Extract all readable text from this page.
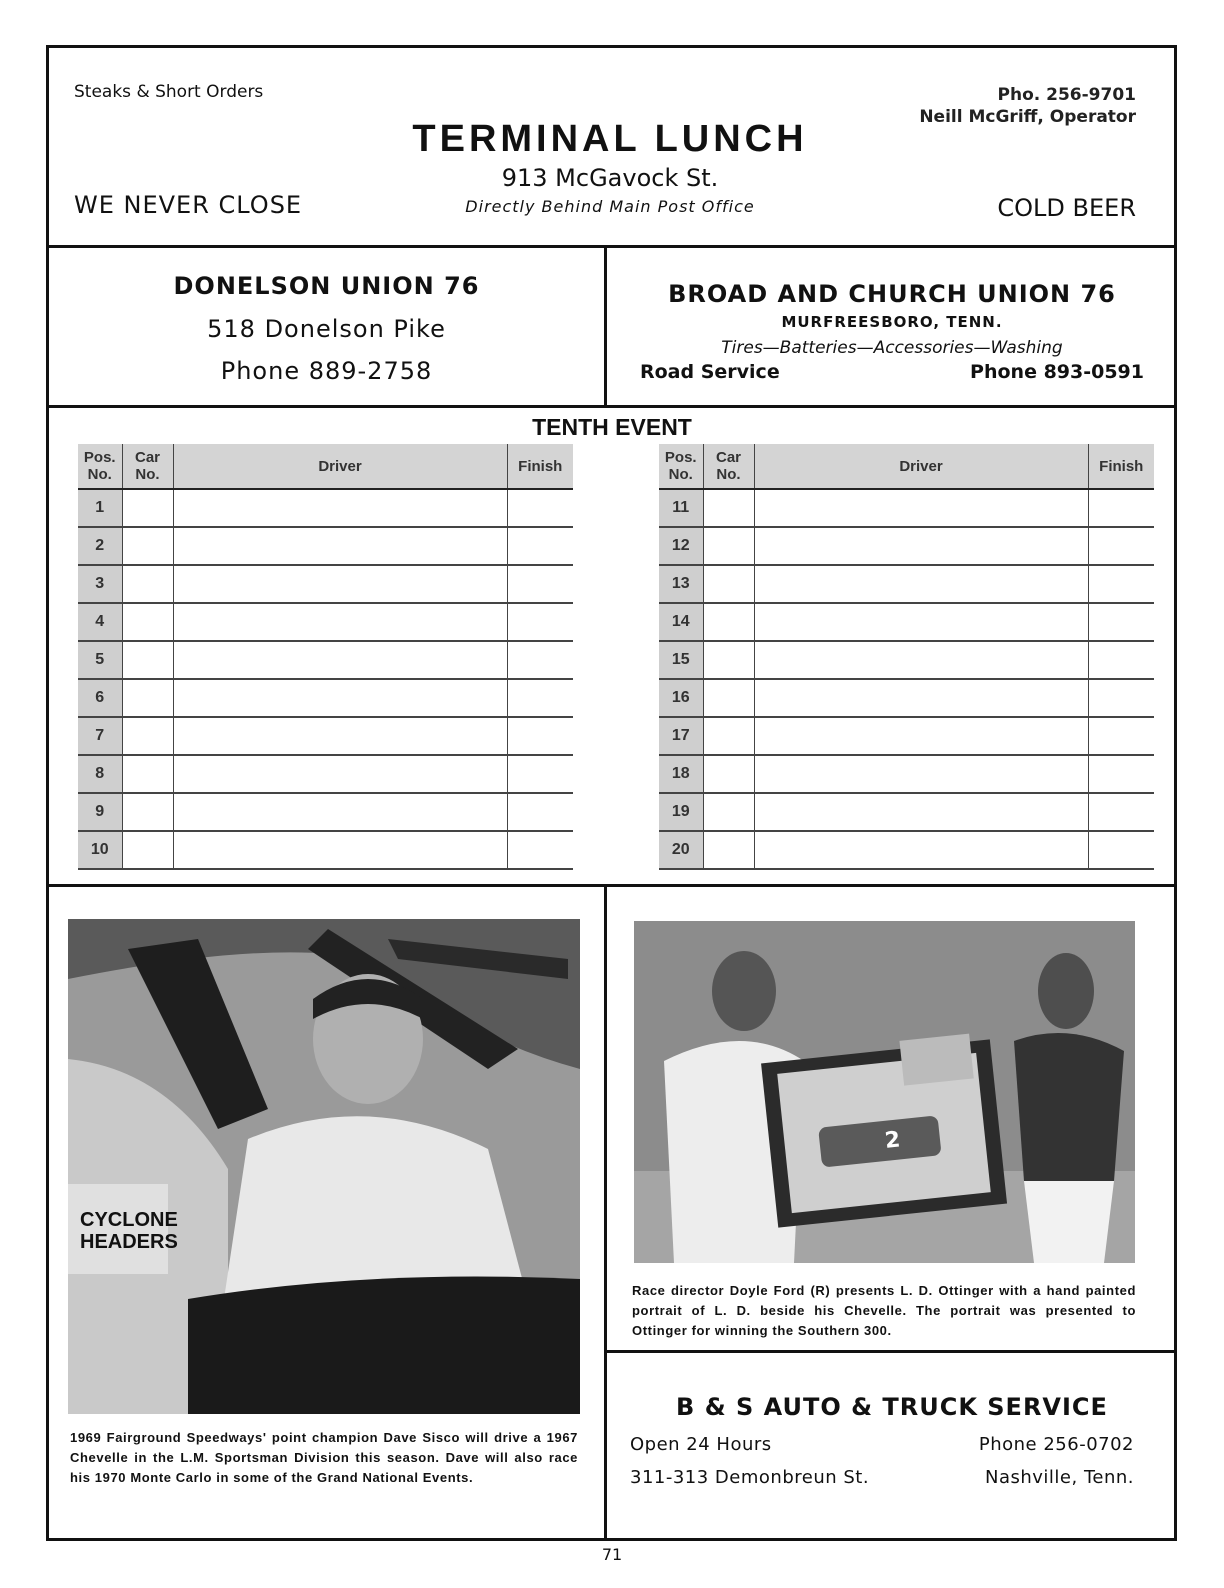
Steaks & Short Orders
WE NEVER CLOSE
TERMINAL LUNCH
913 McGavock St.
Directly Behind Main Post Office
Pho. 256-9701
Neill McGriff, Operator
COLD BEER
DONELSON UNION 76
518 Donelson Pike
Phone 889-2758
BROAD AND CHURCH UNION 76
MURFREESBORO, TENN.
Tires—Batteries—Accessories—Washing
Road Service	Phone 893-0591
TENTH EVENT
Pos. No.	Car No.	Driver	Finish
1			
2			
3			
4			
5			
6			
7			
8			
9			
10			
Pos. No.	Car No.	Driver	Finish
11			
12			
13			
14			
15			
16			
17			
18			
19			
20			
CYCLONE
HEADERS
1969 Fairground Speedways' point champion Dave Sisco will drive a 1967 Chevelle in the L.M. Sportsman Division this season. Dave will also race his 1970 Monte Carlo in some of the Grand National Events.
2
Race director Doyle Ford (R) presents L. D. Ottinger with a hand painted portrait of L. D. beside his Chevelle. The portrait was presented to Ottinger for winning the Southern 300.
B & S AUTO & TRUCK SERVICE
Open 24 Hours
311-313 Demonbreun St.
Phone 256-0702
Nashville, Tenn.
71
